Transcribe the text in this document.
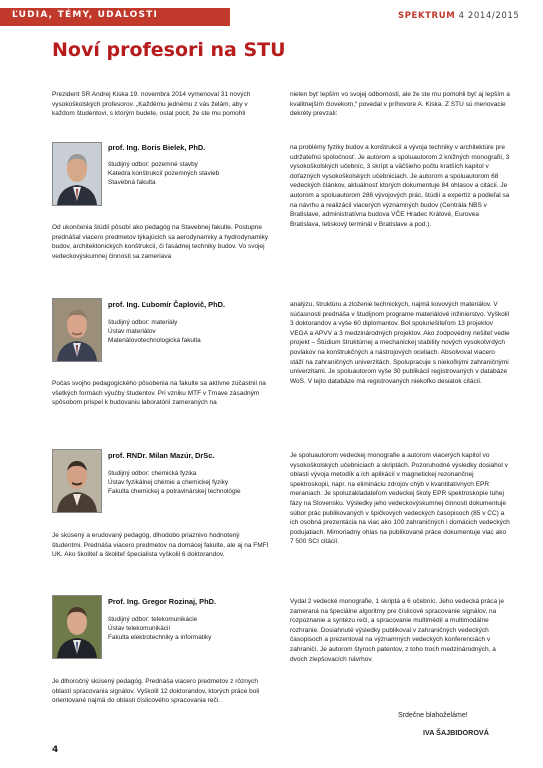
ĽUDIA, TÉMY, UDALOSTI	SPEKTRUM 4 2014/2015
Noví profesori na STU

Prezident SR Andrej Kiska 19. novembra 2014 vymenoval 31 nových vysokoškolských profesorov. „Každému jednému z vás želám, aby v každom študentovi, s ktorým budete, ostal pocit, že ste mu pomohli

nielen byť lepším vo svojej odbornosti, ale že ste mu pomohli byť aj lepším a kvalitnejším človekom,“ povedal v príhovore A. Kiska. Z STU sú menovacie dekréty prevzali:

prof. Ing. Boris Bielek, PhD.
študijný odbor: pozemné stavby
Katedra konštrukcií pozemných stavieb
Stavebná fakulta

Od ukončenia štúdií pôsobí ako pedagóg na Stavebnej fakulte. Postupne prednášal viacero predmetov týkajúcich sa aerodynamiky a hydrodynamiky budov, architektonických konštrukcií, či fasádnej techniky budov. Vo svojej vedeckovýskumnej činnosti sa zameriava

na problémy fyziky budov a konštrukcií a vývoja techniky v architektúre pre udržateľnú spoločnosť. Je autorom a spoluautorom 2 knižných monografií, 3 vysokoškolských učebníc, 3 skrípt a väčšieho počtu kratších kapitol v doťazných vysokoškolských učebniciach. Je autorom a spoluautorom 68 vedeckých článkov, aktuálnosť ktorých dokumentuje 84 ohlasov a citácií. Je autorom a spoluautorom 286 vývojových prác, štúdií a expertíz a podieľal sa na návrhu a realizácii viacerých významných budov (Centrála NBS v Bratislave, administratívna budova VČE Hradec Králové, Eurovea Bratislava, letiskový terminál v Bratislave a pod.).

prof. Ing. Ľubomír Čaplovič, PhD.
študijný odbor: materiály
Ústav materiálov
Materiálovotechnologická fakulta

Počas svojho pedagogického pôsobenia na fakulte sa aktívne zúčastnil na všetkých formách výučby študentov. Pri vzniku MTF v Trnave zásadným spôsobom prispel k budovaniu laboratórií zameraných na

analýzu, štruktúru a zloženie technických, najmä kovových materiálov. V súčasnosti prednáša v študijnom programe materiálové inžinierstvo. Vyškolil 3 doktorandov a vyše 60 diplomantov. Bol spoluriešiteľom 13 projektov VEGA a APVV a 3 medzinárodných projektov. Ako zodpovedný riešiteľ vedie projekt – Štúdium štruktúrnej a mechanickej stability nových vysokotvrdých povlakov na konštrukčných a nástrojových oceliach. Absolvoval viacero stáží na zahraničných univerzitách. Spolupracuje s niekoľkými zahraničnými univerzitami. Je spoluautorom vyše 30 publikácií registrovaných v databáze WoS. V tejto databáze má registrovaných niekoľko desiatok citácií.

prof. RNDr. Milan Mazúr, DrSc.
študijný odbor: chemická fyzika
Ústav fyzikálnej chémie a chemickej fyziky
Fakulta chemickej a potravinárskej technológie

Je skúsený a erudovaný pedagóg, dlhodobo priaznivo hodnotený študentmi. Prednáša viacero predmetov na domácej fakulte, ale aj na FMFI UK. Ako školiteľ a školiteľ špecialista vyškolil 6 doktorandov.

Je spoluautorom vedeckej monografie a autorom viacerých kapitol vo vysokoškolských učebniciach a skriptách. Pozoruhodné výsledky dosiahol v oblasti vývoja metodík a ich aplikácií v magnetickej rezonančnej spektroskopii, napr. na elimináciu zdrojov chýb v kvantitatívnych EPR meraniach. Je spoluzakladateľom vedeckej školy EPR spektroskopie tuhej fázy na Slovensku. Výsledky jeho vedeckovýskumnej činnosti dokumentuje súbor prác publikovaných v špičkových vedeckých časopisoch (85 v CC) a ich osobná prezentácia na viac ako 100 zahraničných i domácich vedeckých podujatiach. Mimoriadny ohlas na publikované práce dokumentuje viac ako 7 500 SCI citácií.

Prof. Ing. Gregor Rozinaj, PhD.
študijný odbor: telekomunikácie
Ústav telekomunikácií
Fakulta elektrotechniky a informatiky

Je dlhoročný skúsený pedagóg. Prednáša viacero predmetov z rôznych oblastí spracovania signálov. Vyškolil 12 doktorandov, ktorých práce boli orientované najmä do oblasti číslicového spracovania reči.

Vydal 2 vedecké monografie, 1 skriptá a 6 učebníc. Jeho vedecká práca je zameraná na špeciálne algoritmy pre číslicové spracovanie signálov, na rozpoznanie a syntézu reči, a spracovanie multimédií a multimodálne rozhranie. Dosiahnuté výsledky publikoval v zahraničných vedeckých časopisoch a prezentoval na významných vedeckých konferenciách v zahraničí. Je autorom štyroch patentov, z toho troch medzinárodných, a dvoch zlepšovacích návrhov.

Srdečne blahoželáme!
IVA ŠAJBIDOROVÁ
4
